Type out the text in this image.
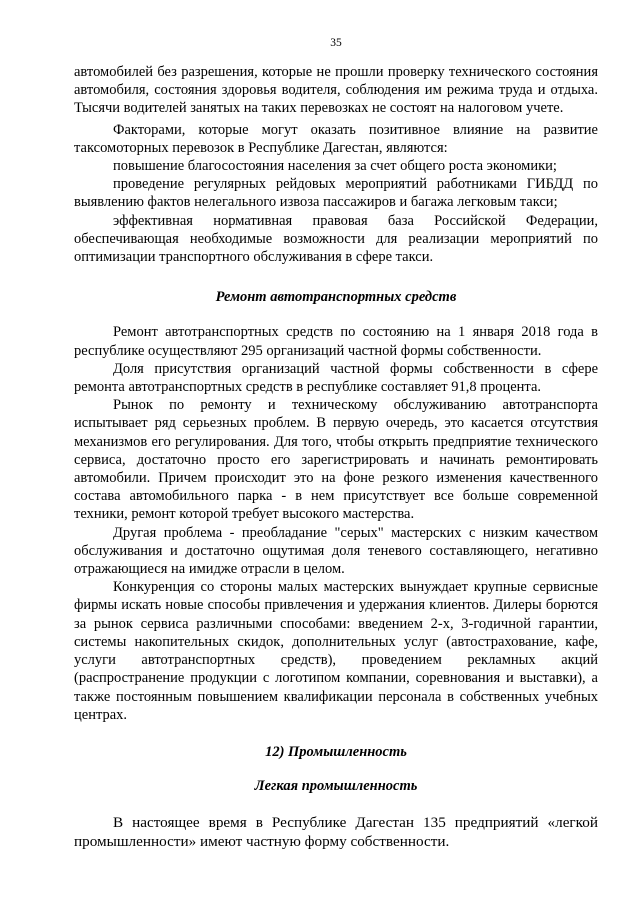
35

автомобилей без разрешения, которые не прошли проверку технического состояния автомобиля, состояния здоровья водителя, соблюдения им режима труда и отдыха. Тысячи водителей занятых на таких перевозках не состоят на налоговом учете.

Факторами, которые могут оказать позитивное влияние на развитие таксомоторных перевозок в Республике Дагестан, являются:

повышение благосостояния населения за счет общего роста экономики;

проведение регулярных рейдовых мероприятий работниками ГИБДД по выявлению фактов нелегального извоза пассажиров и багажа легковым такси;

эффективная нормативная правовая база Российской Федерации, обеспечивающая необходимые возможности для реализации мероприятий по оптимизации транспортного обслуживания в сфере такси.

Ремонт автотранспортных средств

Ремонт автотранспортных средств по состоянию на 1 января 2018 года в республике осуществляют 295 организаций частной формы собственности.

Доля присутствия организаций частной формы собственности в сфере ремонта автотранспортных средств в республике составляет 91,8 процента.

Рынок по ремонту и техническому обслуживанию автотранспорта испытывает ряд серьезных проблем. В первую очередь, это касается отсутствия механизмов его регулирования. Для того, чтобы открыть предприятие технического сервиса, достаточно просто его зарегистрировать и начинать ремонтировать автомобили. Причем происходит это на фоне резкого изменения качественного состава автомобильного парка - в нем присутствует все больше современной техники, ремонт которой требует высокого мастерства.

Другая проблема - преобладание "серых" мастерских с низким качеством обслуживания и достаточно ощутимая доля теневого составляющего, негативно отражающиеся на имидже отрасли в целом.

Конкуренция со стороны малых мастерских вынуждает крупные сервисные фирмы искать новые способы привлечения и удержания клиентов. Дилеры борются за рынок сервиса различными способами: введением 2-х, 3-годичной гарантии, системы накопительных скидок, дополнительных услуг (автострахование, кафе, услуги автотранспортных средств), проведением рекламных акций (распространение продукции с логотипом компании, соревнования и выставки), а также постоянным повышением квалификации персонала в собственных учебных центрах.

12) Промышленность

Легкая промышленность

В настоящее время в Республике Дагестан 135 предприятий «легкой промышленности» имеют частную форму собственности.
